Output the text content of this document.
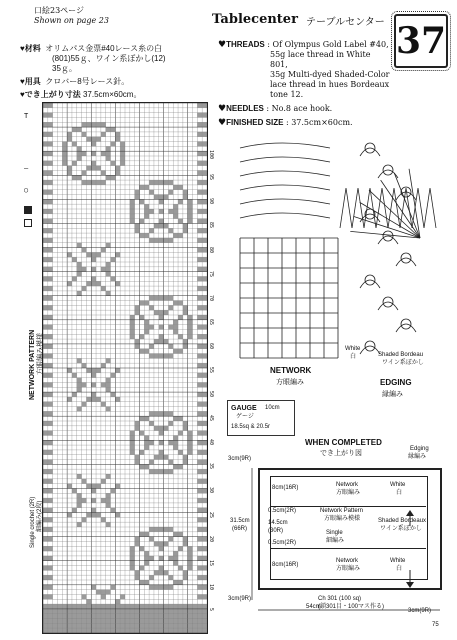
口絵23ページ
Shown on page 23	Tablecenter テーブルセンター 37
♥材料 オリムパス金票#40レース糸の白
(801)55ｇ、ワイン系ぼかし(12)
35ｇ。
♥用具 クロバー8号レース針。
♥でき上がり寸法 37.5cm×60cm。
♥THREADS : Of Olympus Gold Label #40,
55g lace thread in White 801,
35g Multi-dyed Shaded-Color
lace thread in hues Bordeaux
tone 12.
♥NEEDLES : No.8 ace hook.
♥FINISHED SIZE : 37.5cm×60cm.
T
—
○
5
10
15
20
25
30
35
40
45
50
55
60
65
70
75
80
85
90
95
100
NETWORK PATTERN 方眼編み模様
Single crochet (2R) 細編み(2段)
White
白	Shaded Bordeau
ワイン系ぼかし
NETWORK
方眼編み	EDGING
縁編み
GAUGE
ゲージ
10cm
18.5sq & 20.5r
WHEN COMPLETED
でき上がり図
Edging
縁編み
3cm(9R)
31.5cm
(66R)
3cm(9R)
8cm(16R)	Network
方眼編み
White
白
0.5cm(2R)
14.5cm
(30R)
0.5cm(2R)
Network Pattern
方眼編み模様
Single
細編み
Shaded Bordeaux
ワイン系ぼかし
8cm(16R)
Network
方眼編み
White
白
54cm
Ch 301 (100 sq)
(鎖301目・100マス作る)
3cm(9R)
75
